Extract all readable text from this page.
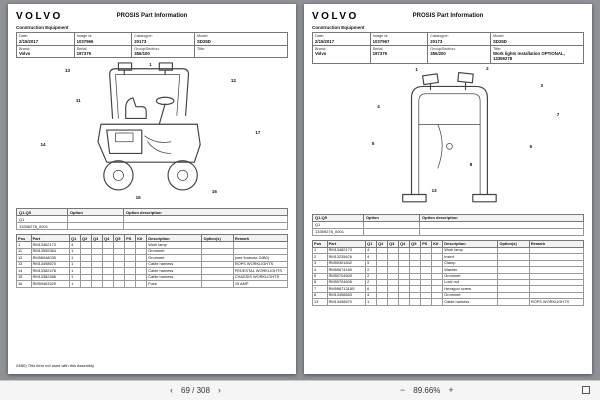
VOLVO	PROSIS Part Information
Construction Equipment
Date:
2/15/2017	Image id:
1037966	Catalogue:
20173	Model:
SD25D

Brand:
Volvo	Serial:
197379	Group/Section:
356/100	Title:
13
1
12
11
17
14
15
16
Q1-Q5	Option	Option description
Q1		
13336278_0001		
Pos	Part	Q1	Q2	Q3	Q4	Q5	PS	Kit	Description	Option(s)	Remark
1	RM13462173	4							Work lamp		
11	RM13559364	1							Grommet		
12	RM58948035	1							Grommet		(see footnote 24B0)
13	RM13498670	1							Cable harness		ROPS WORKLIGHTS
14	RM13382478	1							Cable harness		PEDESTAL WORKLIGHTS
15	RM13382486	1							Cable harness		CHASSIS WORKLIGHTS
16	RM59463329	1							Fuse		15 AMP
24B0) This item not used with this Assembly
VOLVO	PROSIS Part Information
Construction Equipment
Date:
2/15/2017	Image id:
1037967	Catalogue:
20173	Model:
SD25D

Brand:
Volvo	Serial:
197379	Group/Section:
356/200	Title:
Work lights Installation OPTIONAL, 13359278
1	2
3
4
7
5
6
8
13
Q1-Q5	Option	Option description
Q1		
13359278_0001		
Pos	Part	Q1	Q2	Q3	Q4	Q5	PS	Kit	Description	Option(s)	Remark
1	RM13462173	4							Work lamp		
2	RM13235676	4							Insert		
3	RM59301842	5							Clamp		
4	RM59674169	2							Washer		
5	RM59704609	2							Grommet		
6	RM59704606	2							Lock nut		
7	RM59871318S	6							Hexagon screw		
8	RM13498653	4							Grommet		
13	RM13498670	1							Cable harness		ROPS WORKLIGHTS
‹ 69 / 308 ›	− 89.66% +
